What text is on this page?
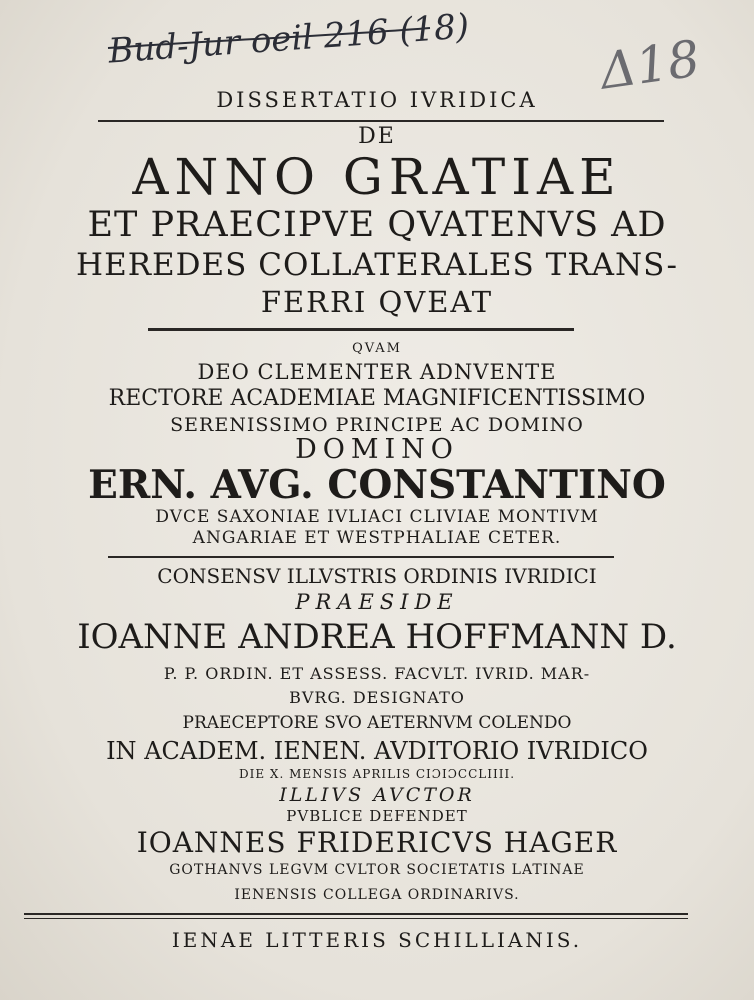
Bud-Jur oeil 216 (18)	Δ18
DISSERTATIO IVRIDICA
DE
ANNO GRATIAE
ET PRAECIPVE QVATENVS AD
HEREDES COLLATERALES TRANS-
FERRI QVEAT
QVAM
DEO CLEMENTER ADNVENTE
RECTORE ACADEMIAE MAGNIFICENTISSIMO
SERENISSIMO PRINCIPE AC DOMINO
DOMINO
ERN. AVG. CONSTANTINO
DVCE SAXONIAE IVLIACI CLIVIAE MONTIVM
ANGARIAE ET WESTPHALIAE CETER.
CONSENSV ILLVSTRIS ORDINIS IVRIDICI
PRAESIDE
IOANNE ANDREA HOFFMANN D.
P. P. ORDIN. ET ASSESS. FACVLT. IVRID. MAR-
BVRG. DESIGNATO
PRAECEPTORE SVO AETERNVM COLENDO
IN ACADEM. IENEN. AVDITORIO IVRIDICO
DIE X. MENSIS APRILIS CIƆIƆCCLIIII.
ILLIVS AVCTOR
PVBLICE DEFENDET
IOANNES FRIDERICVS HAGER
GOTHANVS LEGVM CVLTOR SOCIETATIS LATINAE
IENENSIS COLLEGA ORDINARIVS.
IENAE LITTERIS SCHILLIANIS.
